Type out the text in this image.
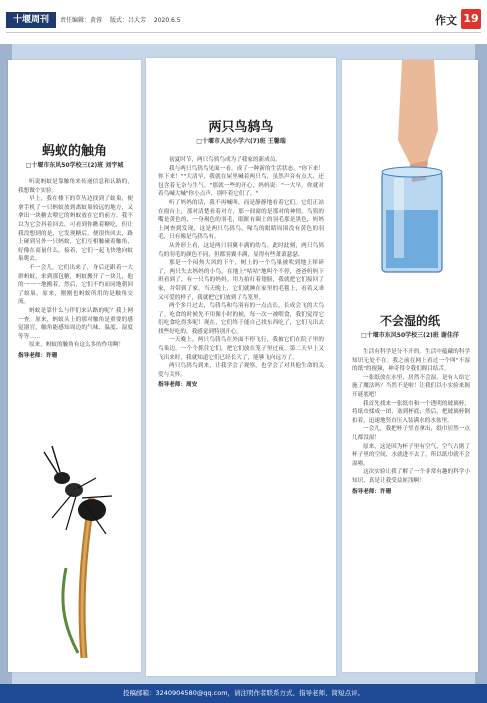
十堰周刊	责任编辑：黄蓉 版式：吕大芳 2020.6.5	作文 19
蚂蚁的触角
□十堰市东风50学校三(2)班 刘宇城

听说蚂蚁是靠触角来传递信息和认路的，我想做个实验。

早上，我在楼下的草丛边找到了蚁巢，便拿手机了一只蚂蚁放到离蚁巢较远的地方，又拿出一块糖去喂它的蚂蚁放在它的前方。我不以为它会抖着回去，可看到你瞧着糖吃，但让我没想到的是，它发现糖后，便很快回去，路上碰到另外一只蚂蚁，它们互相触碰着触角，好像在商量什么。接着，它们一起飞快地向蚁巢爬去。

不一会儿，它们出来了，身后还跟着一大群蚂蚁，来到那包糖，蚂蚁搬开了一块儿，他的一一一地搬着，然后，它们不约而同地朝回了蚁巢。原来，刚刚也蚂蚁所用的是触角交流。

蚂蚁是靠什么与伴们来认路的呢？我上网一查。原来，蚂蚁头上的那对触角是重要的感觉器官，触角能感知周边的气味、温度、湿度等等……

原来，蚂蚁的触角有这么多的作用啊！

指导老师：许珊
两只鸟鸫鸟
□十堰市人民小学六(7)班 王馨瑞

初夏时节，两只鸟鸫鸟成为了我家的新成员。

我与两只鸟鸫鸟见面一看，成了一种新的生活状态。"你下来！你下来！""大清早，我就在屋里喊着两只鸟，虽然声音有点大，还包含着无奈与生气。"那就一些的开心，妈妈说："一大早，你就对着鸟喊大喊"你小点声，别吓着它们了。"

听了妈妈的话，我不再喊叫，而是静静地看着它们。它们正站在窗台上，那对清楚看着对方，那一间窗的是那对的神情。鸟鸫的嘴是黄色的，一身褐色的羽毛，眼眶有圈土的羽毛那是黑色，妈妈上网查到发现，这是两只鸟鸫鸟，喙鸟的眼睛周围没有黄色的羽毛，只有像是鸟鸫鸟有。

从外形上看，这是两只羽翼丰满的幼鸟。此时此刻，两只鸟鸫鸟的羽毛的颜色不同，但都羽翼丰满，显得有些萧萧瑟瑟。

那是一个闷热大风的下午，树上的一个鸟巢被吹到地上摔碎了，两只失去妈妈的小鸟，在地上"咕咕"地叫个不停，爸爸妈妈下班看到了，有一只鸟的妈妈。用力拍打着翅膀，我就把它们接回了家，并带到了家。当天晚上，它们就睡在家里的毛毯上，看着又乖又可爱的样子，我就把它们放到了鸟笼里。

两个多月过去，鸟鸫鸟和鸟羽有的一点点长，长成会飞的大鸟了。吃食的时候先不用像小时的候，每一次一被喂食，我们觉得它们吃食吃得多呢！现在，它们终于能自己找东西吃了，它们飞出去找些好吃的，我感觉到特别开心。

一天晚上，两只鸟鸫鸟在外面不停飞行，我被它们在院子里的鸟巢边，一个个抓住它们，把它们放在笼子里过夜。第二天早上又飞出来时，我就知道它们已经长大了，能够飞向远方了。

两只鸟鸫鸟到来，让我学会了观察，也学会了对其他生命的关爱与关怀。

指导老师：周安
不会湿的纸
□十堰市东风50学校三(2)班 谢佳洋

生活有科学是分不开的。生活中蕴藏的科学知识无处不在。我之前在网上看过一个叫"不湿的纸"的视频，神奇得令我们瞠目结舌。

一张纸放在水里，居然不会湿，是有人给它施了魔法吗？当然不是啦！让我们以小实验来揭开谜底吧！

我首先找来一张纸巾和一个透明的玻璃杯，将纸巾揉成一团，塞到杯底；然后，把玻璃杯倒扣着，迅速地竖直压入装满水的水盆里。

一会儿，我把杯子竖直拿出，纸巾居然一点儿都没湿！

原来，这是因为杯子里有空气，空气占据了杯子里的空间，水就进不去了，所以纸巾就不会湿啦。

这次实验让我了解了一个非常有趣的科学小知识，真是让我受益匪浅啊！

指导老师：许珊
投稿邮箱：3240904580@qq.com，请注明作者联系方式、指导老师、简短点评。
